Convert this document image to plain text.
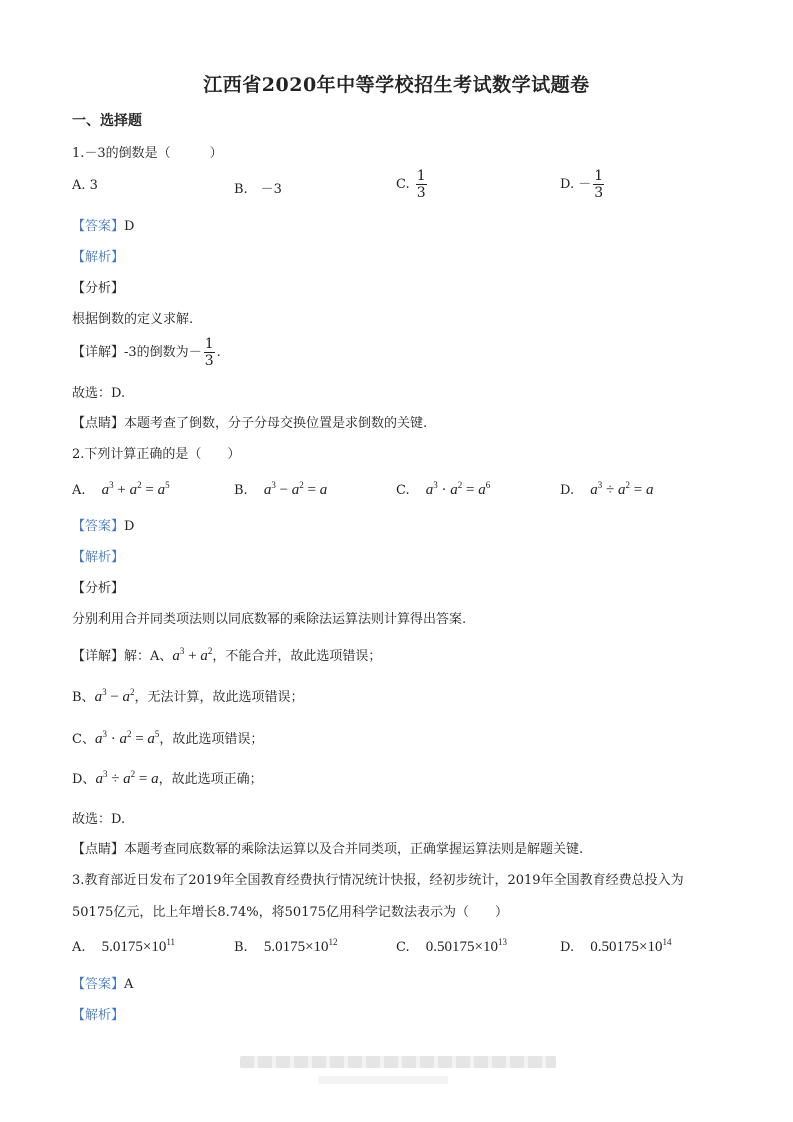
江西省2020年中等学校招生考试数学试题卷
一、选择题
1.－3的倒数是（　　　）
A. 3	B.　－3	C. $\frac{1}{3}$	D. － $\frac{1}{3}$
【答案】D
【解析】
【分析】
根据倒数的定义求解.
【详解】-3的倒数为－ $\frac{1}{3}$ .
故选：D.
【点睛】本题考查了倒数，分子分母交换位置是求倒数的关键.
2.下列计算正确的是（　　）
A. $a^3 + a^2 = a^5$	B. $a^3 - a^2 = a$	C. $a^3 \cdot a^2 = a^6$	D. $a^3 \div a^2 = a$
【答案】D
【解析】
【分析】
分别利用合并同类项法则以同底数幂的乘除法运算法则计算得出答案.
【详解】解：A、$a^3 + a^2$，不能合并，故此选项错误；
B、$a^3 - a^2$，无法计算，故此选项错误；
C、$a^3 \cdot a^2 = a^5$，故此选项错误；
D、$a^3 \div a^2 = a$，故此选项正确；
故选：D.
【点睛】本题考查同底数幂的乘除法运算以及合并同类项，正确掌握运算法则是解题关键.
3.教育部近日发布了2019年全国教育经费执行情况统计快报，经初步统计，2019年全国教育经费总投入为
50175亿元，比上年增长8.74%，将50175亿用科学记数法表示为（　　）
A. $5.0175\times 10^{11}$	B. $5.0175\times 10^{12}$	C. $0.50175\times 10^{13}$	D. $0.50175\times 10^{14}$
【答案】A
【解析】
